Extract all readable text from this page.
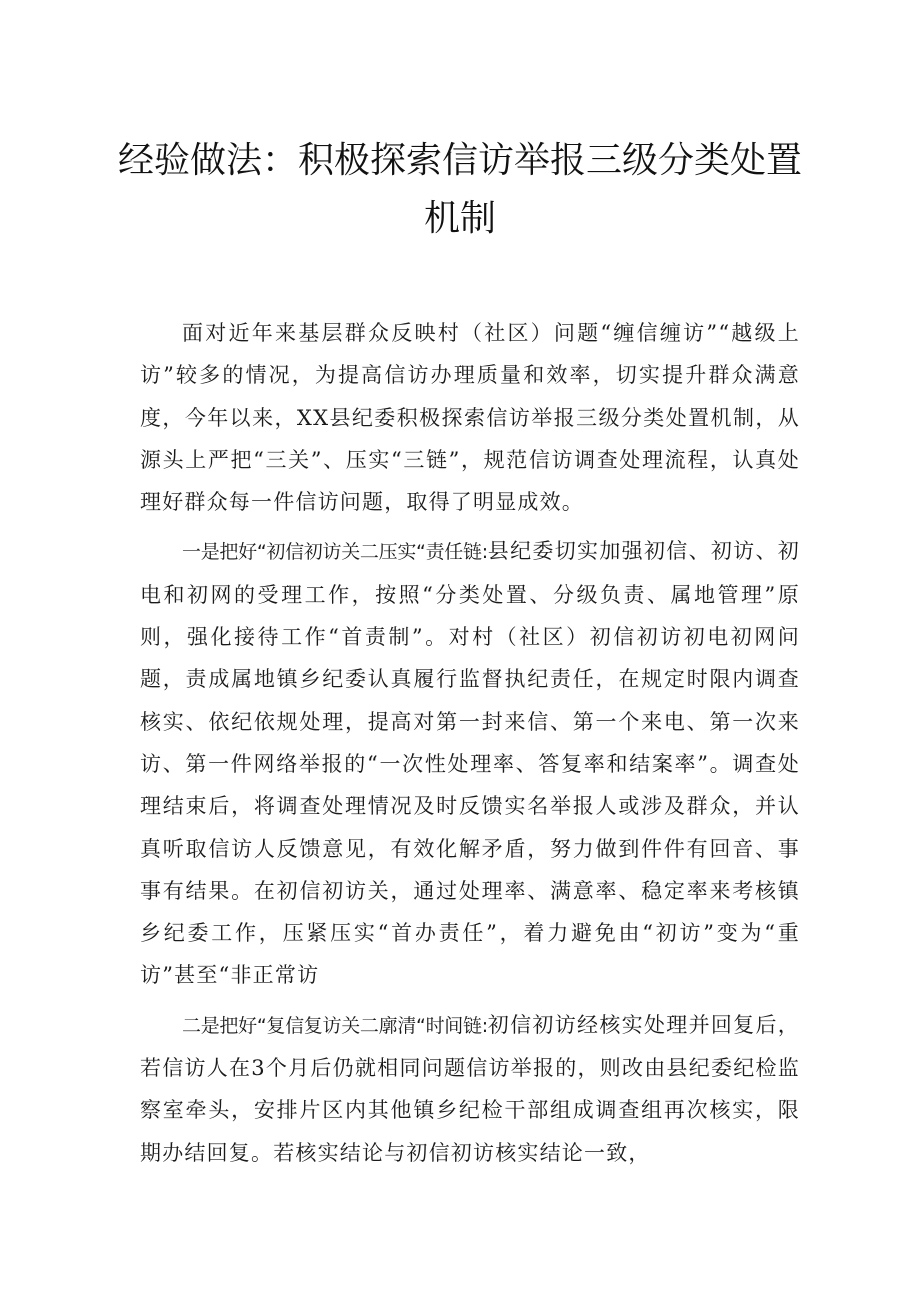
经验做法：积极探索信访举报三级分类处置
机制

面对近年来基层群众反映村（社区）问题“缠信缠访”“越级上访”较多的情况，为提高信访办理质量和效率，切实提升群众满意度，今年以来，XX县纪委积极探索信访举报三级分类处置机制，从源头上严把“三关”、压实“三链”，规范信访调查处理流程，认真处理好群众每一件信访问题，取得了明显成效。

一是把好“初信初访关二压实“责任链:县纪委切实加强初信、初访、初电和初网的受理工作，按照“分类处置、分级负责、属地管理”原则，强化接待工作“首责制”。对村（社区）初信初访初电初网问题，责成属地镇乡纪委认真履行监督执纪责任，在规定时限内调查核实、依纪依规处理，提高对第一封来信、第一个来电、第一次来访、第一件网络举报的“一次性处理率、答复率和结案率”。调查处理结束后，将调查处理情况及时反馈实名举报人或涉及群众，并认真听取信访人反馈意见，有效化解矛盾，努力做到件件有回音、事事有结果。在初信初访关，通过处理率、满意率、稳定率来考核镇乡纪委工作，压紧压实“首办责任”，着力避免由“初访”变为“重访”甚至“非正常访

二是把好“复信复访关二廓清“时间链:初信初访经核实处理并回复后，若信访人在3个月后仍就相同问题信访举报的，则改由县纪委纪检监察室牵头，安排片区内其他镇乡纪检干部组成调查组再次核实，限期办结回复。若核实结论与初信初访核实结论一致，
